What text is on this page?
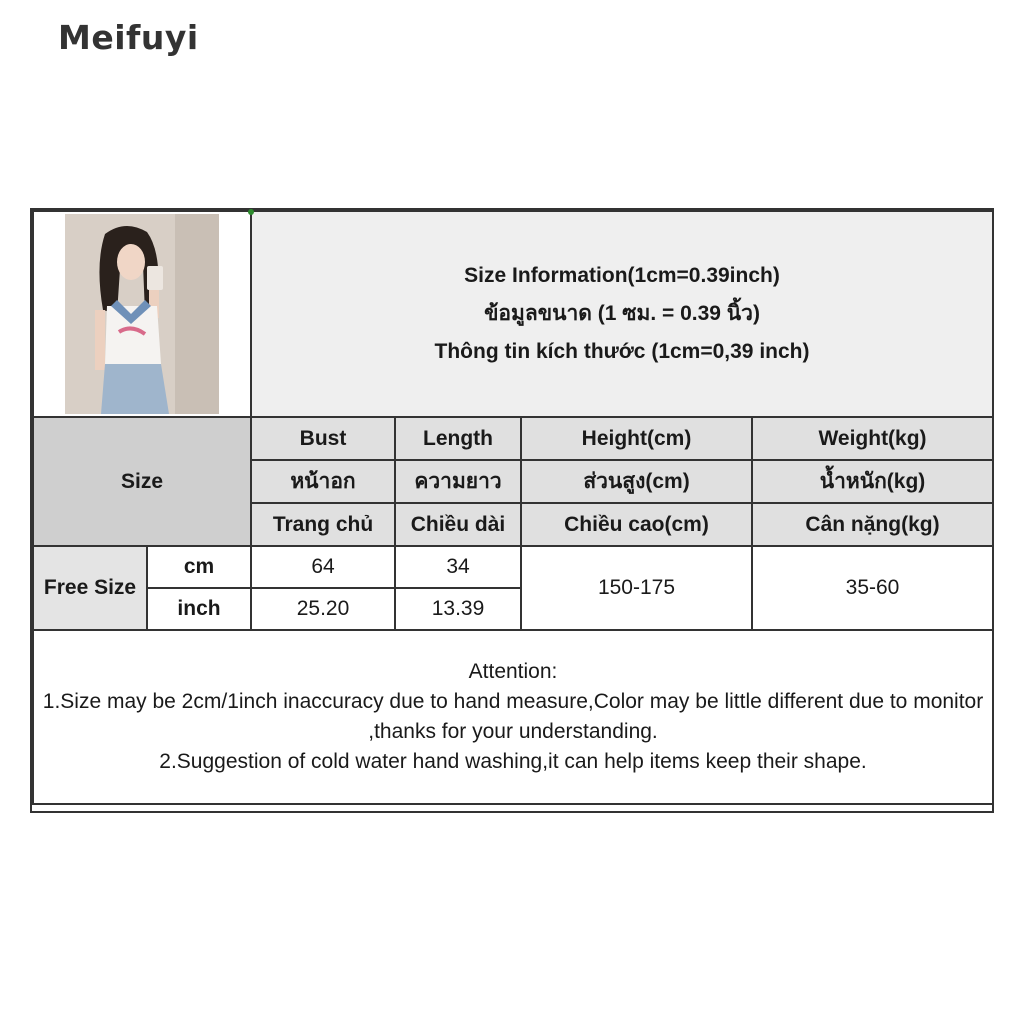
Meifuyi

Size Information(1cm=0.39inch)
ข้อมูลขนาด (1 ซม. = 0.39 นิ้ว)
Thông tin kích thước (1cm=0,39 inch)			

Size		Bust	Length	Height(cm)	Weight(kg)
		หน้าอก	ความยาว	ส่วนสูง(cm)	น้ำหนัก(kg)
		Trang chủ	Chiều dài	Chiều cao(cm)	Cân nặng(kg)
Free Size	cm	64	34	150-175	35-60
	inch	25.20	13.39		

Attention:
1.Size may be 2cm/1inch inaccuracy due to hand measure,Color may be little different due to monitor ,thanks for your understanding.
2.Suggestion of cold water hand washing,it can help items keep their shape.					
